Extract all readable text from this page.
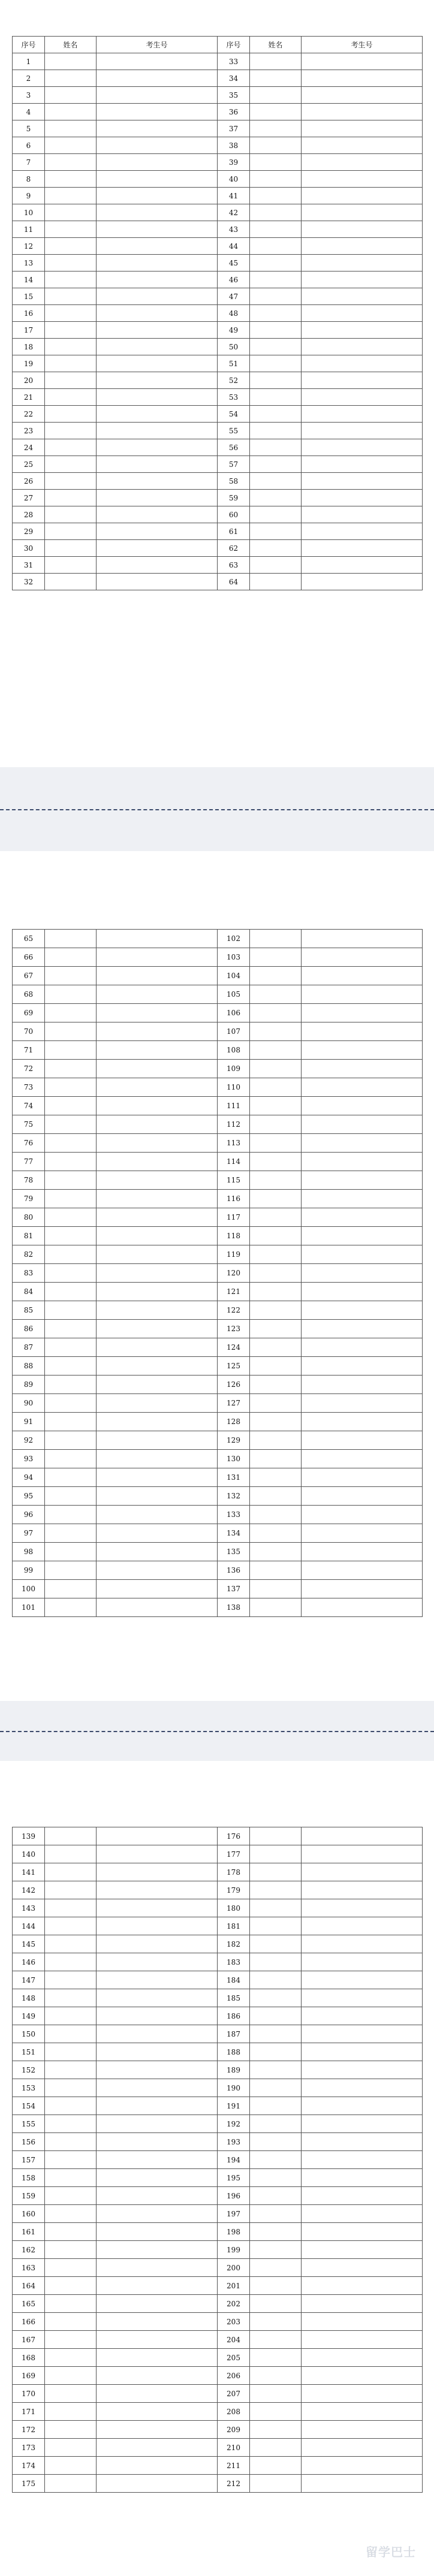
序号	姓名	考生号	序号	姓名	考生号
1			33		
2			34		
3			35		
4			36		
5			37		
6			38		
7			39		
8			40		
9			41		
10			42		
11			43		
12			44		
13			45		
14			46		
15			47		
16			48		
17			49		
18			50		
19			51		
20			52		
21			53		
22			54		
23			55		
24			56		
25			57		
26			58		
27			59		
28			60		
29			61		
30			62		
31			63		
32			64		
65			102		
66			103		
67			104		
68			105		
69			106		
70			107		
71			108		
72			109		
73			110		
74			111		
75			112		
76			113		
77			114		
78			115		
79			116		
80			117		
81			118		
82			119		
83			120		
84			121		
85			122		
86			123		
87			124		
88			125		
89			126		
90			127		
91			128		
92			129		
93			130		
94			131		
95			132		
96			133		
97			134		
98			135		
99			136		
100			137		
101			138		
139			176		
140			177		
141			178		
142			179		
143			180		
144			181		
145			182		
146			183		
147			184		
148			185		
149			186		
150			187		
151			188		
152			189		
153			190		
154			191		
155			192		
156			193		
157			194		
158			195		
159			196		
160			197		
161			198		
162			199		
163			200		
164			201		
165			202		
166			203		
167			204		
168			205		
169			206		
170			207		
171			208		
172			209		
173			210		
174			211		
175			212		
留学巴士
